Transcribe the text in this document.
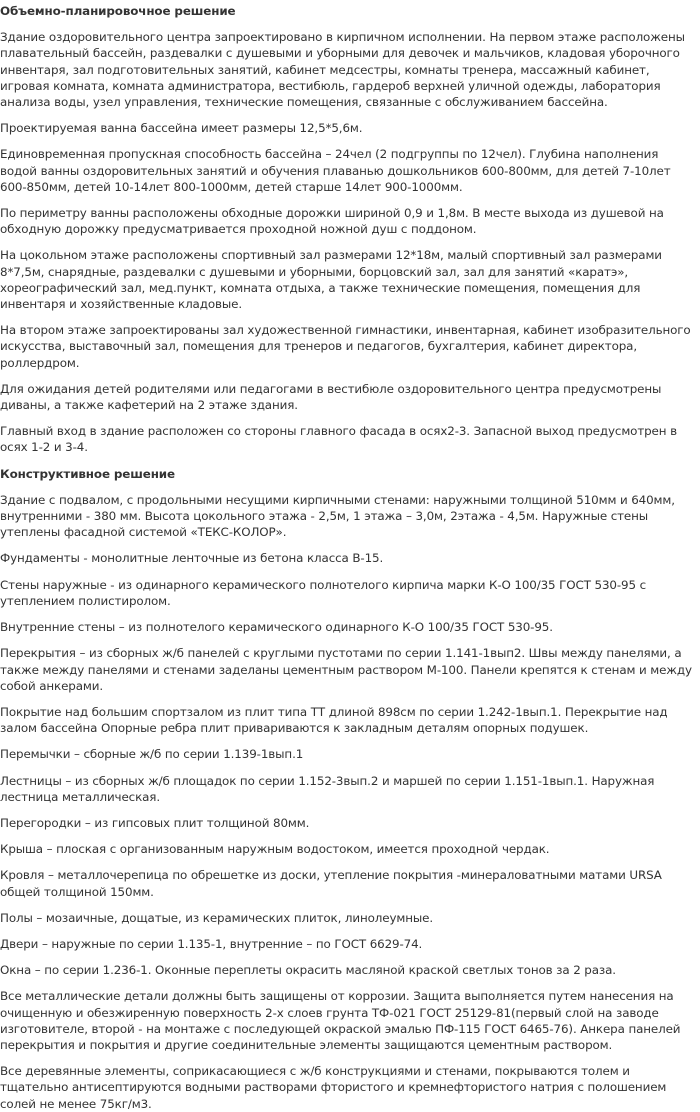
Объемно-планировочное решение
Здание оздоровительного центра запроектировано в кирпичном исполнении. На первом этаже расположены плавательный бассейн, раздевалки с душевыми и уборными для девочек и мальчиков, кладовая уборочного инвентаря, зал подготовительных занятий, кабинет медсестры, комнаты тренера, массажный кабинет, игровая комната, комната администратора, вестибюль, гардероб верхней уличной одежды, лаборатория анализа воды, узел управления, технические помещения, связанные с обслуживанием бассейна.
Проектируемая ванна бассейна имеет размеры 12,5*5,6м.
Единовременная пропускная способность бассейна – 24чел (2 подгруппы по 12чел). Глубина наполнения водой ванны оздоровительных занятий и обучения плаванью дошкольников 600-800мм, для детей 7-10лет 600-850мм, детей 10-14лет 800-1000мм, детей старше 14лет 900-1000мм.
По периметру ванны расположены обходные дорожки шириной 0,9 и 1,8м. В месте выхода из душевой на обходную дорожку предусматривается проходной ножной душ с поддоном.
На цокольном этаже расположены спортивный зал размерами 12*18м, малый спортивный зал размерами 8*7,5м, снарядные, раздевалки с душевыми и уборными, борцовский зал, зал для занятий «каратэ», хореографический зал, мед.пункт, комната отдыха, а также технические помещения, помещения для инвентаря и хозяйственные кладовые.
На втором этаже запроектированы зал художественной гимнастики, инвентарная, кабинет изобразительного искусства, выставочный зал, помещения для тренеров и педагогов, бухгалтерия, кабинет директора, роллердром.
Для ожидания детей родителями или педагогами в вестибюле оздоровительного центра предусмотрены диваны, а также кафетерий на 2 этаже здания.
Главный вход в здание расположен со стороны главного фасада в осях2-3. Запасной выход предусмотрен в осях 1-2 и 3-4.
Конструктивное решение
Здание с подвалом, с продольными несущими кирпичными стенами: наружными толщиной 510мм и 640мм, внутренними - 380 мм. Высота цокольного этажа - 2,5м, 1 этажа – 3,0м, 2этажа - 4,5м. Наружные стены утеплены фасадной системой «ТЕКС-КОЛОР».
Фундаменты - монолитные ленточные из бетона класса В-15.
Стены наружные - из одинарного керамического полнотелого кирпича марки К-О 100/35 ГОСТ 530-95 с утеплением полистиролом.
Внутренние стены – из полнотелого керамического одинарного К-О 100/35 ГОСТ 530-95.
Перекрытия – из сборных ж/б панелей с круглыми пустотами по серии 1.141-1вып2. Швы между панелями, а также между панелями и стенами заделаны цементным раствором М-100. Панели крепятся к стенам и между собой анкерами.
Покрытие над большим спортзалом из плит типа ТТ длиной 898см по серии 1.242-1вып.1. Перекрытие над залом бассейна Опорные ребра плит привариваются к закладным деталям опорных подушек.
Перемычки – сборные ж/б по серии 1.139-1вып.1
Лестницы – из сборных ж/б площадок по серии 1.152-3вып.2 и маршей по серии 1.151-1вып.1. Наружная лестница металлическая.
Перегородки – из гипсовых плит толщиной 80мм.
Крыша – плоская с организованным наружным водостоком, имеется проходной чердак.
Кровля – металлочерепица по обрешетке из доски, утепление покрытия -минераловатными матами URSA общей толщиной 150мм.
Полы – мозаичные, дощатые, из керамических плиток, линолеумные.
Двери – наружные по серии 1.135-1, внутренние – по ГОСТ 6629-74.
Окна – по серии 1.236-1. Оконные переплеты окрасить масляной краской светлых тонов за 2 раза.
Все металлические детали должны быть защищены от коррозии. Защита выполняется путем нанесения на очищенную и обезжиренную поверхность 2-х слоев грунта ТФ-021 ГОСТ 25129-81(первый слой на заводе изготовителе, второй - на монтаже с последующей окраской эмалью ПФ-115 ГОСТ 6465-76). Анкера панелей перекрытия и покрытия и другие соединительные элементы защищаются цементным раствором.
Все деревянные элементы, соприкасающиеся с ж/б конструкциями и стенами, покрываются толем и тщательно антисептируются водными растворами фтористого и кремнефтористого натрия с полошением солей не менее 75кг/м3.
